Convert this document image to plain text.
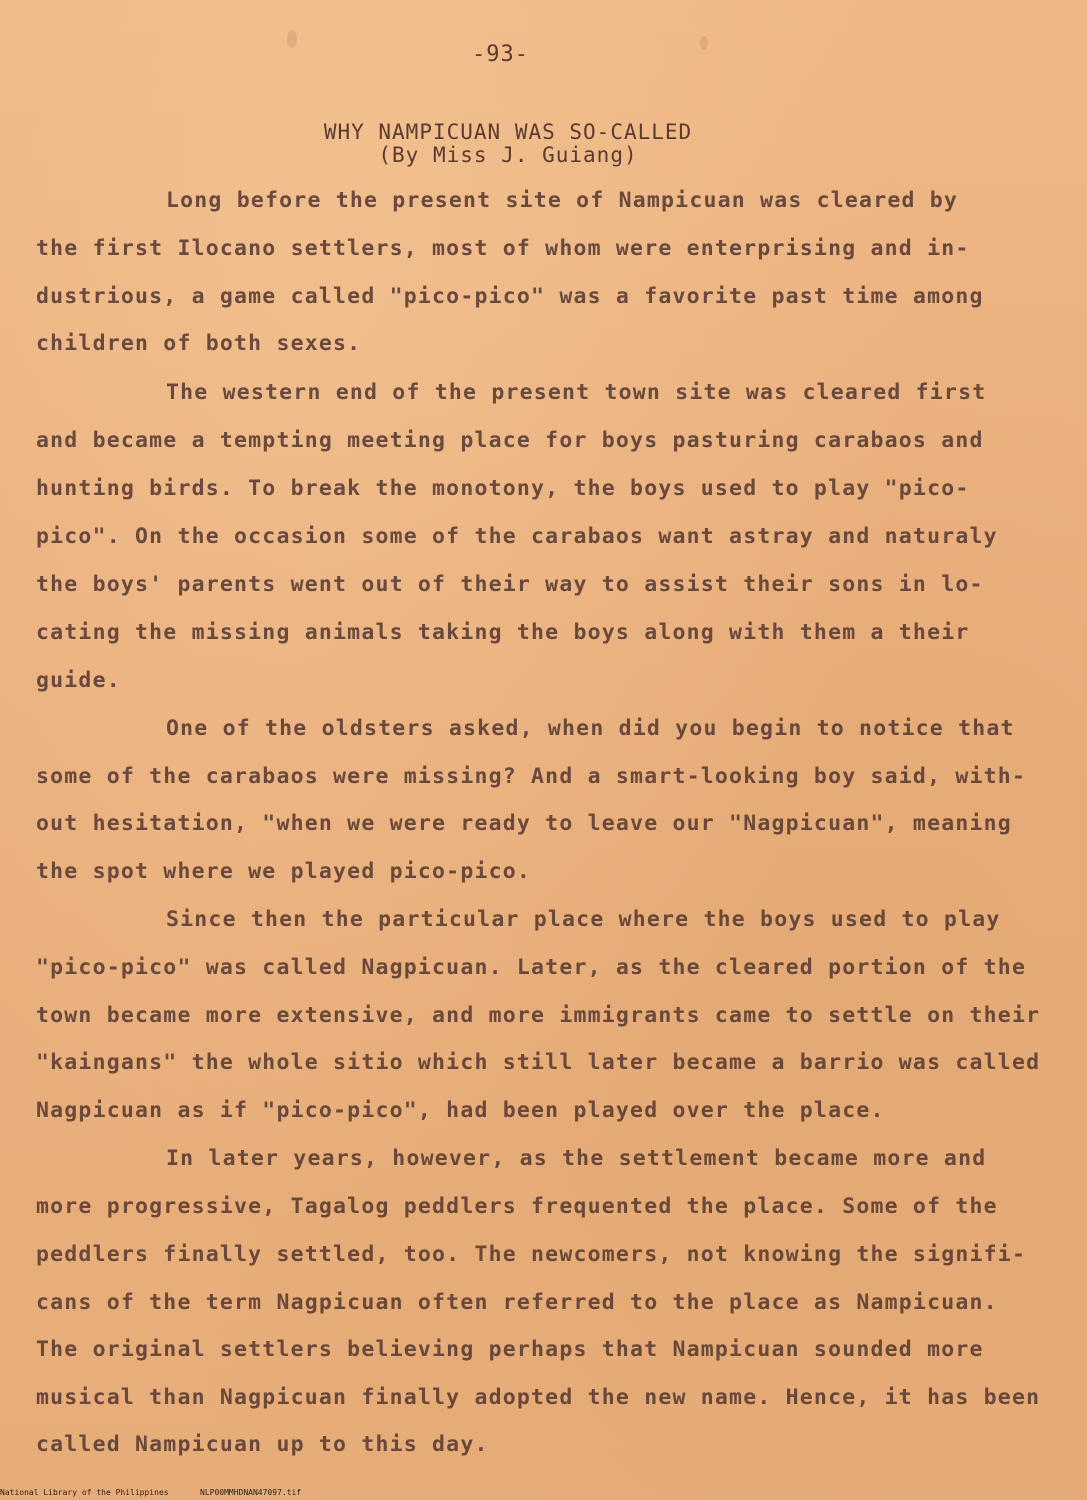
-93-
WHY NAMPICUAN WAS SO-CALLED
(By Miss J. Guiang)
Long before the present site of Nampicuan was cleared by
the first Ilocano settlers, most of whom were enterprising and in-
dustrious, a game called "pico-pico" was a favorite past time among
children of both sexes.
The western end of the present town site was cleared first
and became a tempting meeting place for boys pasturing carabaos and
hunting birds. To break the monotony, the boys used to play "pico-
pico". On the occasion some of the carabaos want astray and naturaly
the boys' parents went out of their way to assist their sons in lo-
cating the missing animals taking the boys along with them a their
guide.
One of the oldsters asked, when did you begin to notice that
some of the carabaos were missing? And a smart-looking boy said, with-
out hesitation, "when we were ready to leave our "Nagpicuan", meaning
the spot where we played pico-pico.
Since then the particular place where the boys used to play
"pico-pico" was called Nagpicuan. Later, as the cleared portion of the
town became more extensive, and more immigrants came to settle on their
"kaingans" the whole sitio which still later became a barrio was called
Nagpicuan as if "pico-pico", had been played over the place.
In later years, however, as the settlement became more and
more progressive, Tagalog peddlers frequented the place. Some of the
peddlers finally settled, too. The newcomers, not knowing the signifi-
cans of the term Nagpicuan often referred to the place as Nampicuan.
The original settlers believing perhaps that Nampicuan sounded more
musical than Nagpicuan finally adopted the new name. Hence, it has been
called Nampicuan up to this day.
National Library of the Philippines	NLP00MMHDNAN47097.tif
